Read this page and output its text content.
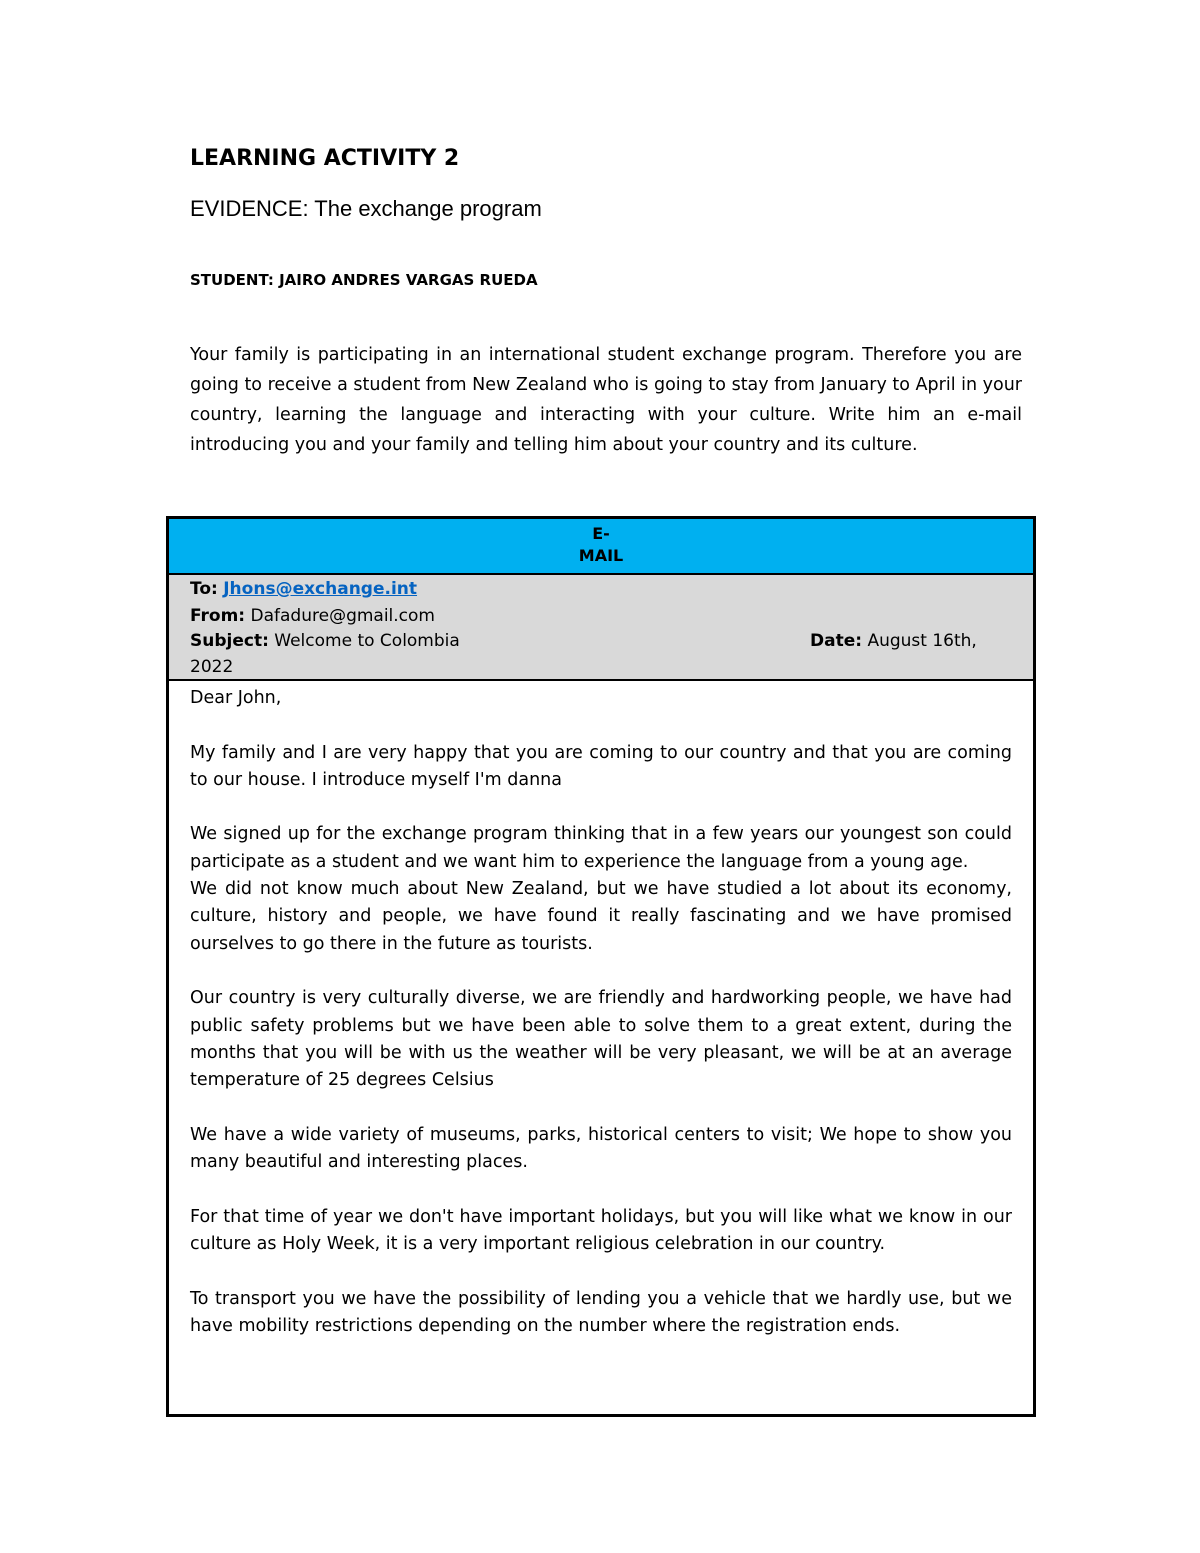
LEARNING ACTIVITY 2
EVIDENCE: The exchange program
STUDENT: JAIRO ANDRES VARGAS RUEDA
Your family is participating in an international student exchange program. Therefore you are going to receive a student from New Zealand who is going to stay from January to April in your country, learning the language and interacting with your culture. Write him an e-mail introducing you and your family and telling him about your country and its culture.
E-
MAIL
To: Jhons@exchange.int
From: Dafadure@gmail.com
Subject: Welcome to Colombia	Date: August 16th,
2022

Dear John,

My family and I are very happy that you are coming to our country and that you are coming to our house. I introduce myself I'm danna

We signed up for the exchange program thinking that in a few years our youngest son could participate as a student and we want him to experience the language from a young age.

We did not know much about New Zealand, but we have studied a lot about its economy, culture, history and people, we have found it really fascinating and we have promised ourselves to go there in the future as tourists.

Our country is very culturally diverse, we are friendly and hardworking people, we have had public safety problems but we have been able to solve them to a great extent, during the months that you will be with us the weather will be very pleasant, we will be at an average temperature of 25 degrees Celsius

We have a wide variety of museums, parks, historical centers to visit; We hope to show you many beautiful and interesting places.

For that time of year we don't have important holidays, but you will like what we know in our culture as Holy Week, it is a very important religious celebration in our country.

To transport you we have the possibility of lending you a vehicle that we hardly use, but we have mobility restrictions depending on the number where the registration ends.
